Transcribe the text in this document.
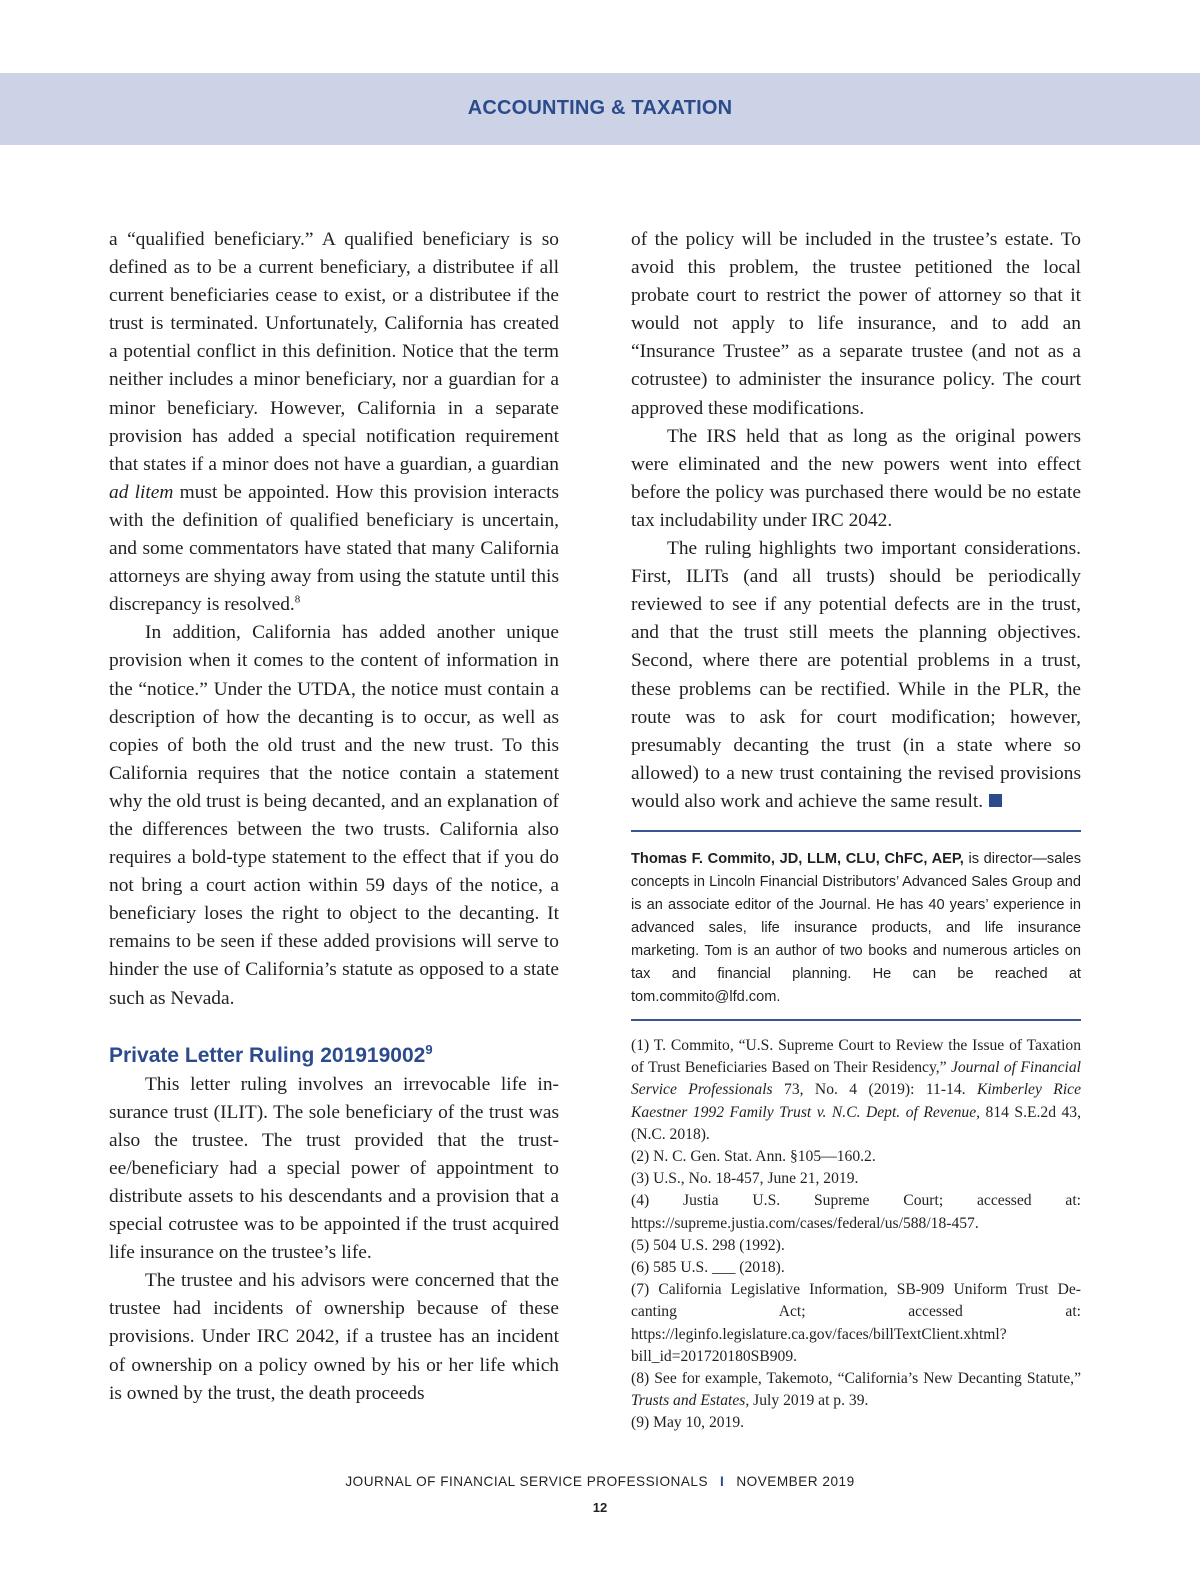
ACCOUNTING & TAXATION

a “qualified beneficiary.” A qualified beneficiary is so defined as to be a current beneficiary, a distributee if all current beneficiaries cease to exist, or a distributee if the trust is terminated. Unfortunately, California has created a potential conflict in this definition. Notice that the term neither includes a minor beneficiary, nor a guardian for a minor beneficiary. However, California in a separate provision has added a special notification requirement that states if a minor does not have a guardian, a guardian ad litem must be appointed. How this provision interacts with the definition of qualified beneficiary is uncertain, and some commentators have stated that many California attorneys are shying away from using the statute until this discrepancy is resolved.$^8$

In addition, California has added another unique provision when it comes to the content of information in the “notice.” Under the UTDA, the notice must contain a description of how the decanting is to occur, as well as copies of both the old trust and the new trust. To this California requires that the notice contain a statement why the old trust is being decanted, and an explanation of the differences between the two trusts. California also requires a bold-type statement to the effect that if you do not bring a court action within 59 days of the notice, a beneficiary loses the right to object to the decanting. It remains to be seen if these added provisions will serve to hinder the use of California’s statute as opposed to a state such as Nevada.

Private Letter Ruling 201919002$^9$

This letter ruling involves an irrevocable life insurance trust (ILIT). The sole beneficiary of the trust was also the trustee. The trust provided that the trustee/beneficiary had a special power of appointment to distribute assets to his descendants and a provision that a special cotrustee was to be appointed if the trust acquired life insurance on the trustee’s life.

The trustee and his advisors were concerned that the trustee had incidents of ownership because of these provisions. Under IRC 2042, if a trustee has an incident of ownership on a policy owned by his or her life which is owned by the trust, the death proceeds

of the policy will be included in the trustee’s estate. To avoid this problem, the trustee petitioned the local probate court to restrict the power of attorney so that it would not apply to life insurance, and to add an “Insurance Trustee” as a separate trustee (and not as a cotrustee) to administer the insurance policy. The court approved these modifications.

The IRS held that as long as the original powers were eliminated and the new powers went into effect before the policy was purchased there would be no estate tax includability under IRC 2042.

The ruling highlights two important considerations. First, ILITs (and all trusts) should be periodically reviewed to see if any potential defects are in the trust, and that the trust still meets the planning objectives. Second, where there are potential problems in a trust, these problems can be rectified. While in the PLR, the route was to ask for court modification; however, presumably decanting the trust (in a state where so allowed) to a new trust containing the revised provisions would also work and achieve the same result.

Thomas F. Commito, JD, LLM, CLU, ChFC, AEP, is director—sales concepts in Lincoln Financial Distributors’ Advanced Sales Group and is an associate editor of the Journal. He has 40 years’ experience in advanced sales, life insurance products, and life insurance marketing. Tom is an author of two books and numerous articles on tax and financial planning. He can be reached at tom.commito@lfd.com.

(1) T. Commito, “U.S. Supreme Court to Review the Issue of Taxation of Trust Beneficiaries Based on Their Residency,” Journal of Financial Service Professionals 73, No. 4 (2019): 11-14. Kimberley Rice Kaestner 1992 Family Trust v. N.C. Dept. of Revenue, 814 S.E.2d 43, (N.C. 2018).

(2) N. C. Gen. Stat. Ann. §105—160.2.

(3) U.S., No. 18-457, June 21, 2019.

(4) Justia U.S. Supreme Court; accessed at: https://supreme.justia.com/cases/federal/us/588/18-457.

(5) 504 U.S. 298 (1992).

(6) 585 U.S. ___ (2018).

(7) California Legislative Information, SB-909 Uniform Trust Decanting Act; accessed at: https://leginfo.legislature.ca.gov/faces/billTextClient.xhtml?bill_id=201720180SB909.

(8) See for example, Takemoto, “California’s New Decanting Statute,” Trusts and Estates, July 2019 at p. 39.

(9) May 10, 2019.

JOURNAL OF FINANCIAL SERVICE PROFESSIONALS I NOVEMBER 2019
12
